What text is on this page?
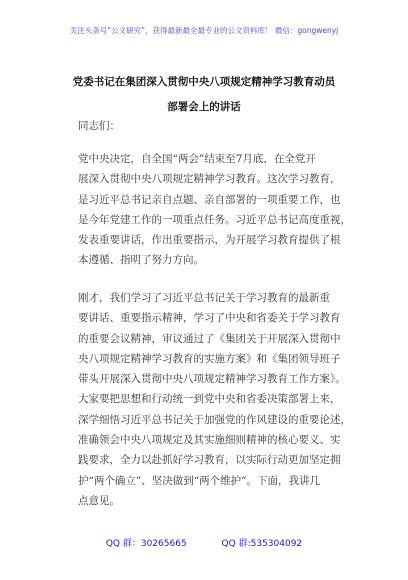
关注头条号“公文研究”，获得最新最全最专业的公文资料库！ 微信：gongwenyj
党委书记在集团深入贯彻中央八项规定精神学习教育动员
部署会上的讲话
同志们：
党中央决定，自全国“两会”结束至7月底，在全党开
展深入贯彻中央八项规定精神学习教育。这次学习教育，
是习近平总书记亲自点题、亲自部署的一项重要工作，也
是今年党建工作的一项重点任务。习近平总书记高度重视，
发表重要讲话，作出重要指示，为开展学习教育提供了根
本遵循、指明了努力方向。
刚才，我们学习了习近平总书记关于学习教育的最新重
要讲话、重要指示精神，学习了中央和省委关于学习教育
的重要会议精神，审议通过了《集团关于开展深入贯彻中
央八项规定精神学习教育的实施方案》和《集团领导班子
带头开展深入贯彻中央八项规定精神学习教育工作方案》。
大家要把思想和行动统一到党中央和省委决策部署上来，
深学细悟习近平总书记关于加强党的作风建设的重要论述，
准确领会中央八项规定及其实施细则精神的核心要义、实
践要求，全力以赴抓好学习教育，以实际行动更加坚定拥
护“两个确立”、坚决做到“两个维护”。下面，我讲几
点意见。
QQ 群：30265665	QQ 群:535304092
